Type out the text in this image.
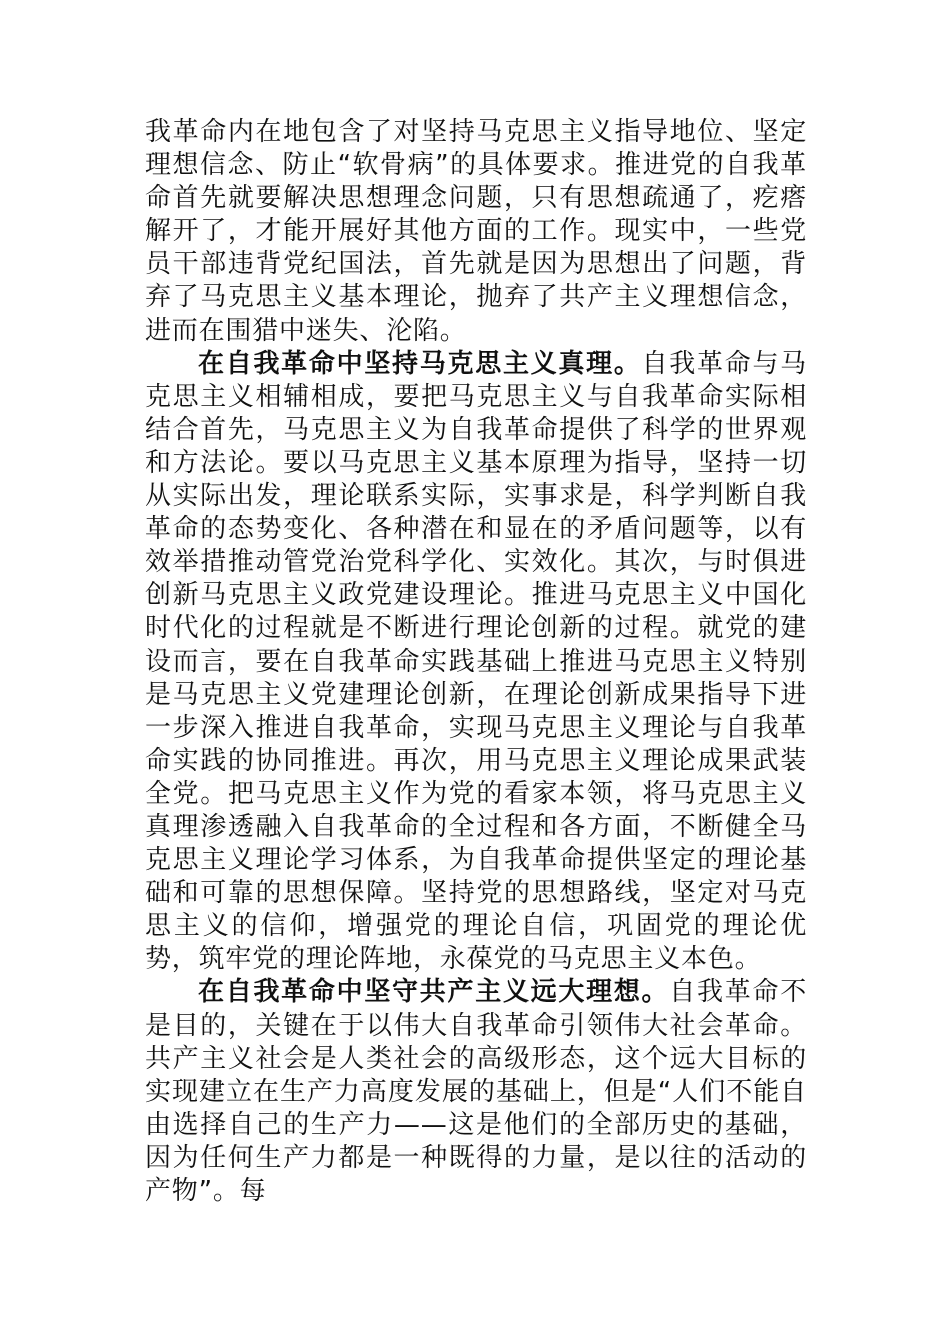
我革命内在地包含了对坚持马克思主义指导地位、坚定理想信念、防止“软骨病”的具体要求。推进党的自我革命首先就要解决思想理念问题，只有思想疏通了，疙瘩解开了，才能开展好其他方面的工作。现实中，一些党员干部违背党纪国法，首先就是因为思想出了问题，背弃了马克思主义基本理论，抛弃了共产主义理想信念，进而在围猎中迷失、沦陷。

在自我革命中坚持马克思主义真理。自我革命与马克思主义相辅相成，要把马克思主义与自我革命实际相结合首先，马克思主义为自我革命提供了科学的世界观和方法论。要以马克思主义基本原理为指导，坚持一切从实际出发，理论联系实际，实事求是，科学判断自我革命的态势变化、各种潜在和显在的矛盾问题等，以有效举措推动管党治党科学化、实效化。其次，与时俱进创新马克思主义政党建设理论。推进马克思主义中国化时代化的过程就是不断进行理论创新的过程。就党的建设而言，要在自我革命实践基础上推进马克思主义特别是马克思主义党建理论创新，在理论创新成果指导下进一步深入推进自我革命，实现马克思主义理论与自我革命实践的协同推进。再次，用马克思主义理论成果武装全党。把马克思主义作为党的看家本领，将马克思主义真理渗透融入自我革命的全过程和各方面，不断健全马克思主义理论学习体系，为自我革命提供坚定的理论基础和可靠的思想保障。坚持党的思想路线，坚定对马克思主义的信仰，增强党的理论自信，巩固党的理论优势，筑牢党的理论阵地，永葆党的马克思主义本色。

在自我革命中坚守共产主义远大理想。自我革命不是目的，关键在于以伟大自我革命引领伟大社会革命。共产主义社会是人类社会的高级形态，这个远大目标的实现建立在生产力高度发展的基础上，但是“人们不能自由选择自己的生产力——这是他们的全部历史的基础，因为任何生产力都是一种既得的力量，是以往的活动的产物”。每
